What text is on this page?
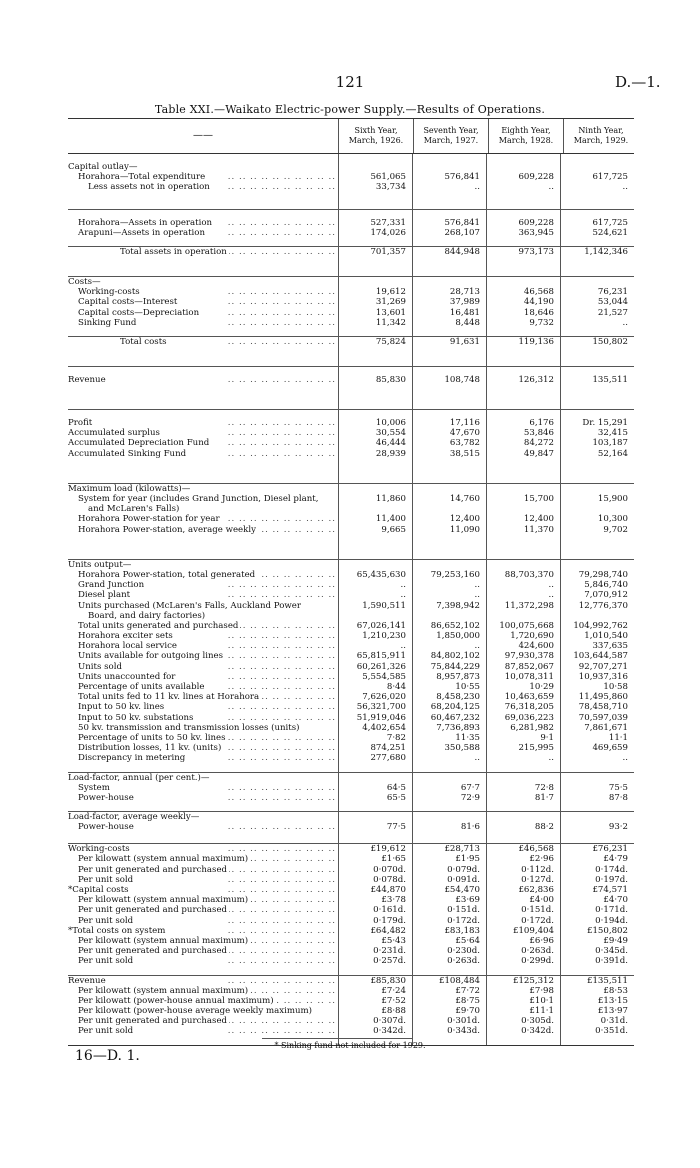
121	D.—1.
Table XXI.—Waikato Electric-power Supply.—Results of Operations.
——	Sixth Year,
March, 1926.
Seventh Year,
March, 1927.
Eighth Year,
March, 1928.
Ninth Year,
March, 1929.
Capital outlay—
Horahora—Total expenditure .. .	561,065	576,841	609,228	617,725
Less assets not in operation .. .	33,734	..	..	..
Horahora—Assets in operation .. .	527,331	576,841	609,228	617,725
Arapuni—Assets in operation .. .	174,026	268,107	363,945	524,621
Total assets in operation .. .	701,357	844,948	973,173	1,142,346
Costs—
Working-costs .. .	19,612	28,713	46,568	76,231
Capital costs—Interest .. .	31,269	37,989	44,190	53,044
Capital costs—Depreciation .. .	13,601	16,481	18,646	21,527
Sinking Fund .. .	11,342	8,448	9,732	..
Total costs .. .	75,824	91,631	119,136	150,802
Revenue .. .	85,830	108,748	126,312	135,511
Profit .. .	10,006	17,116	6,176	Dr. 15,291
Accumulated surplus .. .	30,554	47,670	53,846	32,415
Accumulated Depreciation Fund .. .	46,444	63,782	84,272	103,187
Accumulated Sinking Fund .. .	28,939	38,515	49,847	52,164
Maximum load (kilowatts)—
System for year (includes Grand Junction, Diesel plant,	11,860	14,760	15,700	15,900
and McLaren's Falls)
Horahora Power-station for year .. .	11,400	12,400	12,400	10,300
Horahora Power-station, average weekly .. .	9,665	11,090	11,370	9,702
Units output—
Horahora Power-station, total generated .. .	65,435,630	79,253,160	88,703,370	79,298,740
Grand Junction .. .	..	..	..	5,846,740
Diesel plant .. .	..	..	..	7,070,912
Units purchased (McLaren's Falls, Auckland Power	1,590,511	7,398,942	11,372,298	12,776,370
Board, and dairy factories)
Total units generated and purchased .. .	67,026,141	86,652,102	100,075,668	104,992,762
Horahora exciter sets .. .	1,210,230	1,850,000	1,720,690	1,010,540
Horahora local service .. .	..	..	424,600	337,635
Units available for outgoing lines .. .	65,815,911	84,802,102	97,930,378	103,644,587
Units sold .. .	60,261,326	75,844,229	87,852,067	92,707,271
Units unaccounted for .. .	5,554,585	8,957,873	10,078,311	10,937,316
Percentage of units available .. .	8·44	10·55	10·29	10·58
Total units fed to 11 kv. lines at Horahora .. .	7,626,020	8,458,230	10,463,659	11,495,860
Input to 50 kv. lines .. .	56,321,700	68,204,125	76,318,205	78,458,710
Input to 50 kv. substations .. .	51,919,046	60,467,232	69,036,223	70,597,039
50 kv. transmission and transmission losses (units)	4,402,654	7,736,893	6,281,982	7,861,671
Percentage of units to 50 kv. lines .. .	7·82	11·35	9·1	11·1
Distribution losses, 11 kv. (units) .. .	874,251	350,588	215,995	469,659
Discrepancy in metering .. .	277,680	..	..	..
Load-factor, annual (per cent.)—
System .. .	64·5	67·7	72·8	75·5
Power-house .. .	65·5	72·9	81·7	87·8
Load-factor, average weekly—
Power-house .. .	77·5	81·6	88·2	93·2
Working-costs .. .	£19,612	£28,713	£46,568	£76,231
Per kilowatt (system annual maximum) .. .	£1·65	£1·95	£2·96	£4·79
Per unit generated and purchased .. .	0·070d.	0·079d.	0·112d.	0·174d.
Per unit sold .. .	0·078d.	0·091d.	0·127d.	0·197d.
*Capital costs .. .	£44,870	£54,470	£62,836	£74,571
Per kilowatt (system annual maximum) .. .	£3·78	£3·69	£4·00	£4·70
Per unit generated and purchased .. .	0·161d.	0·151d.	0·151d.	0·171d.
Per unit sold .. .	0·179d.	0·172d.	0·172d.	0·194d.
*Total costs on system .. .	£64,482	£83,183	£109,404	£150,802
Per kilowatt (system annual maximum) .. .	£5·43	£5·64	£6·96	£9·49
Per unit generated and purchased .. .	0·231d.	0·230d.	0·263d.	0·345d.
Per unit sold .. .	0·257d.	0·263d.	0·299d.	0·391d.
Revenue .. .	£85,830	£108,484	£125,312	£135,511
Per kilowatt (system annual maximum) .. .	£7·24	£7·72	£7·98	£8·53
Per kilowatt (power-house annual maximum) .. .	£7·52	£8·75	£10·1	£13·15
Per kilowatt (power-house average weekly maximum)	£8·88	£9·70	£11·1	£13·97
Per unit generated and purchased .. .	0·307d.	0·301d.	0·305d.	0·31d.
Per unit sold .. .	0·342d.	0·343d.	0·342d.	0·351d.
* Sinking fund not included for 1929.
16—D. 1.
